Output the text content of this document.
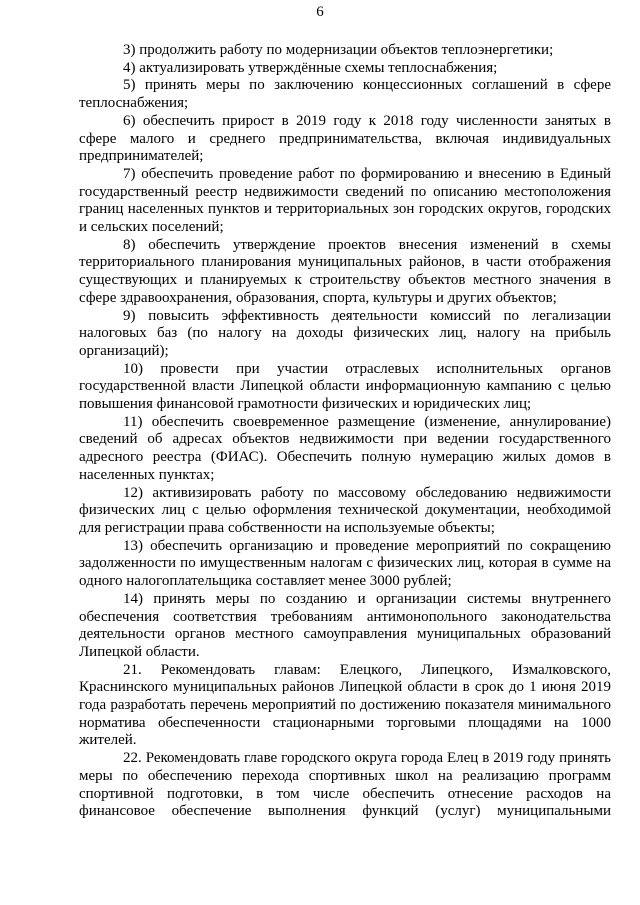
6

3) продолжить работу по модернизации объектов теплоэнергетики;

4) актуализировать утверждённые схемы теплоснабжения;

5) принять меры по заключению концессионных соглашений в сфере теплоснабжения;

6) обеспечить прирост в 2019 году к 2018 году численности занятых в сфере малого и среднего предпринимательства, включая индивидуальных предпринимателей;

7) обеспечить проведение работ по формированию и внесению в Единый государственный реестр недвижимости сведений по описанию местоположения границ населенных пунктов и территориальных зон городских округов, городских и сельских поселений;

8) обеспечить утверждение проектов внесения изменений в схемы территориального планирования муниципальных районов, в части отображения существующих и планируемых к строительству объектов местного значения в сфере здравоохранения, образования, спорта, культуры и других объектов;

9) повысить эффективность деятельности комиссий по легализации налоговых баз (по налогу на доходы физических лиц, налогу на прибыль организаций);

10) провести при участии отраслевых исполнительных органов государственной власти Липецкой области информационную кампанию с целью повышения финансовой грамотности физических и юридических лиц;

11) обеспечить своевременное размещение (изменение, аннулирование) сведений об адресах объектов недвижимости при ведении государственного адресного реестра (ФИАС). Обеспечить полную нумерацию жилых домов в населенных пунктах;

12) активизировать работу по массовому обследованию недвижимости физических лиц с целью оформления технической документации, необходимой для регистрации права собственности на используемые объекты;

13) обеспечить организацию и проведение мероприятий по сокращению задолженности по имущественным налогам с физических лиц, которая в сумме на одного налогоплательщика составляет менее 3000 рублей;

14) принять меры по созданию и организации системы внутреннего обеспечения соответствия требованиям антимонопольного законодательства деятельности органов местного самоуправления муниципальных образований Липецкой области.

21. Рекомендовать главам: Елецкого, Липецкого, Измалковского, Краснинского муниципальных районов Липецкой области в срок до 1 июня 2019 года разработать перечень мероприятий по достижению показателя минимального норматива обеспеченности стационарными торговыми площадями на 1000 жителей.

22. Рекомендовать главе городского округа города Елец в 2019 году принять меры по обеспечению перехода спортивных школ на реализацию программ спортивной подготовки, в том числе обеспечить отнесение расходов на финансовое обеспечение выполнения функций (услуг) муниципальными
